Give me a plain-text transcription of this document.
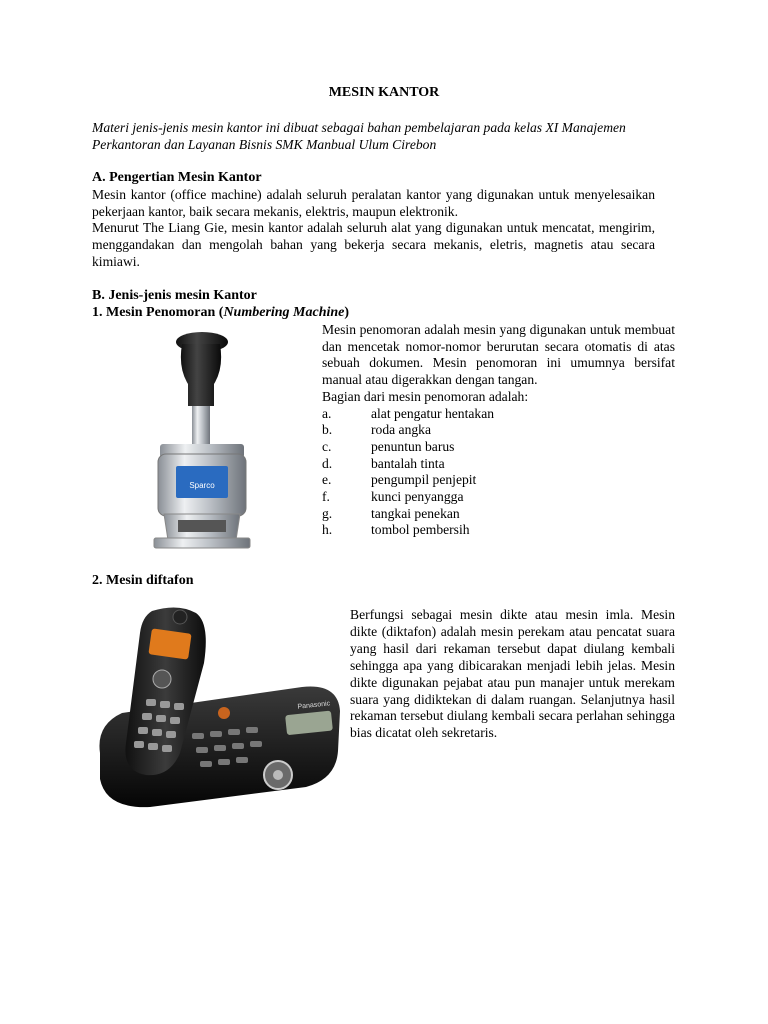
MESIN KANTOR
Materi jenis-jenis mesin kantor ini dibuat sebagai bahan pembelajaran pada kelas XI Manajemen Perkantoran dan Layanan Bisnis SMK Manbual Ulum Cirebon
A. Pengertian Mesin Kantor

Mesin kantor (office machine) adalah seluruh peralatan kantor yang digunakan untuk menyelesaikan pekerjaan kantor, baik secara mekanis, elektris, maupun elektronik.

Menurut The Liang Gie, mesin kantor adalah seluruh alat yang digunakan untuk mencatat, mengirim, menggandakan dan mengolah bahan yang bekerja secara mekanis, eletris, magnetis atau secara kimiawi.

B. Jenis-jenis mesin Kantor
1. Mesin Penomoran (Numbering Machine)
Sparco

Mesin penomoran adalah mesin yang digunakan untuk membuat dan mencetak nomor-nomor berurutan secara otomatis di atas sebuah dokumen. Mesin penomoran ini umumnya bersifat manual atau digerakkan dengan tangan.

Bagian dari mesin penomoran adalah:

a.	alat pengatur hentakan
b.	roda angka
c.	penuntun barus
d.	bantalah tinta
e.	pengumpil penjepit
f.	kunci penyangga
g.	tangkai penekan
h.	tombol pembersih
2. Mesin diftafon
Panasonic

Berfungsi sebagai mesin dikte atau mesin imla. Mesin dikte (diktafon) adalah mesin perekam atau pencatat suara yang hasil dari rekaman tersebut dapat diulang kembali sehingga apa yang dibicarakan menjadi lebih jelas. Mesin dikte digunakan pejabat atau pun manajer untuk merekam suara yang didiktekan di dalam ruangan. Selanjutnya hasil rekaman tersebut diulang kembali secara perlahan sehingga bias dicatat oleh sekretaris.
